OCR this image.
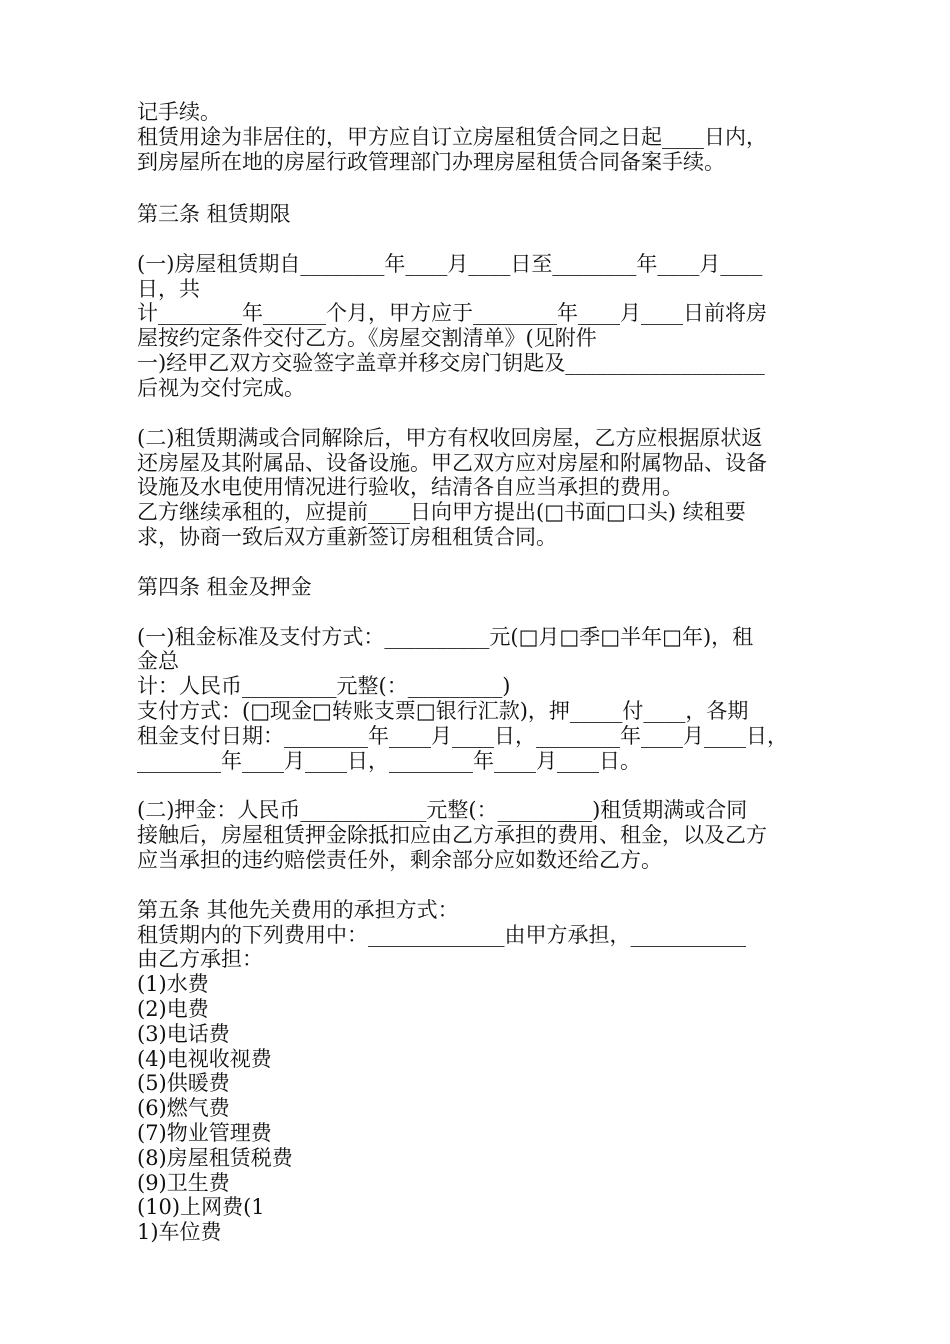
记手续。

租赁用途为非居住的，甲方应自订立房屋租赁合同之日起____日内，

到房屋所在地的房屋行政管理部门办理房屋租赁合同备案手续。

第三条 租赁期限

(一)房屋租赁期自________年____月____日至________年____月____

日，共

计________年______个月，甲方应于________年____月____日前将房

屋按约定条件交付乙方。《房屋交割清单》(见附件

一)经甲乙双方交验签字盖章并移交房门钥匙及___________________

后视为交付完成。

(二)租赁期满或合同解除后，甲方有权收回房屋，乙方应根据原状返

还房屋及其附属品、设备设施。甲乙双方应对房屋和附属物品、设备

设施及水电使用情况进行验收，结清各自应当承担的费用。

乙方继续承租的，应提前____日向甲方提出(□书面□口头) 续租要

求，协商一致后双方重新签订房租租赁合同。

第四条 租金及押金

(一)租金标准及支付方式：__________元(□月□季□半年□年)，租

金总

计：人民币_________元整(：_________)

支付方式：(□现金□转账支票□银行汇款)，押_____付____，各期

租金支付日期：________年____月____日，________年____月____日，

________年____月____日，________年____月____日。

(二)押金：人民币____________元整(：_________)租赁期满或合同

接触后，房屋租赁押金除抵扣应由乙方承担的费用、租金，以及乙方

应当承担的违约赔偿责任外，剩余部分应如数还给乙方。

第五条 其他先关费用的承担方式：

租赁期内的下列费用中：_____________由甲方承担，___________

由乙方承担：

(1)水费

(2)电费

(3)电话费

(4)电视收视费

(5)供暖费

(6)燃气费

(7)物业管理费

(8)房屋租赁税费

(9)卫生费

(10)上网费(1

1)车位费
